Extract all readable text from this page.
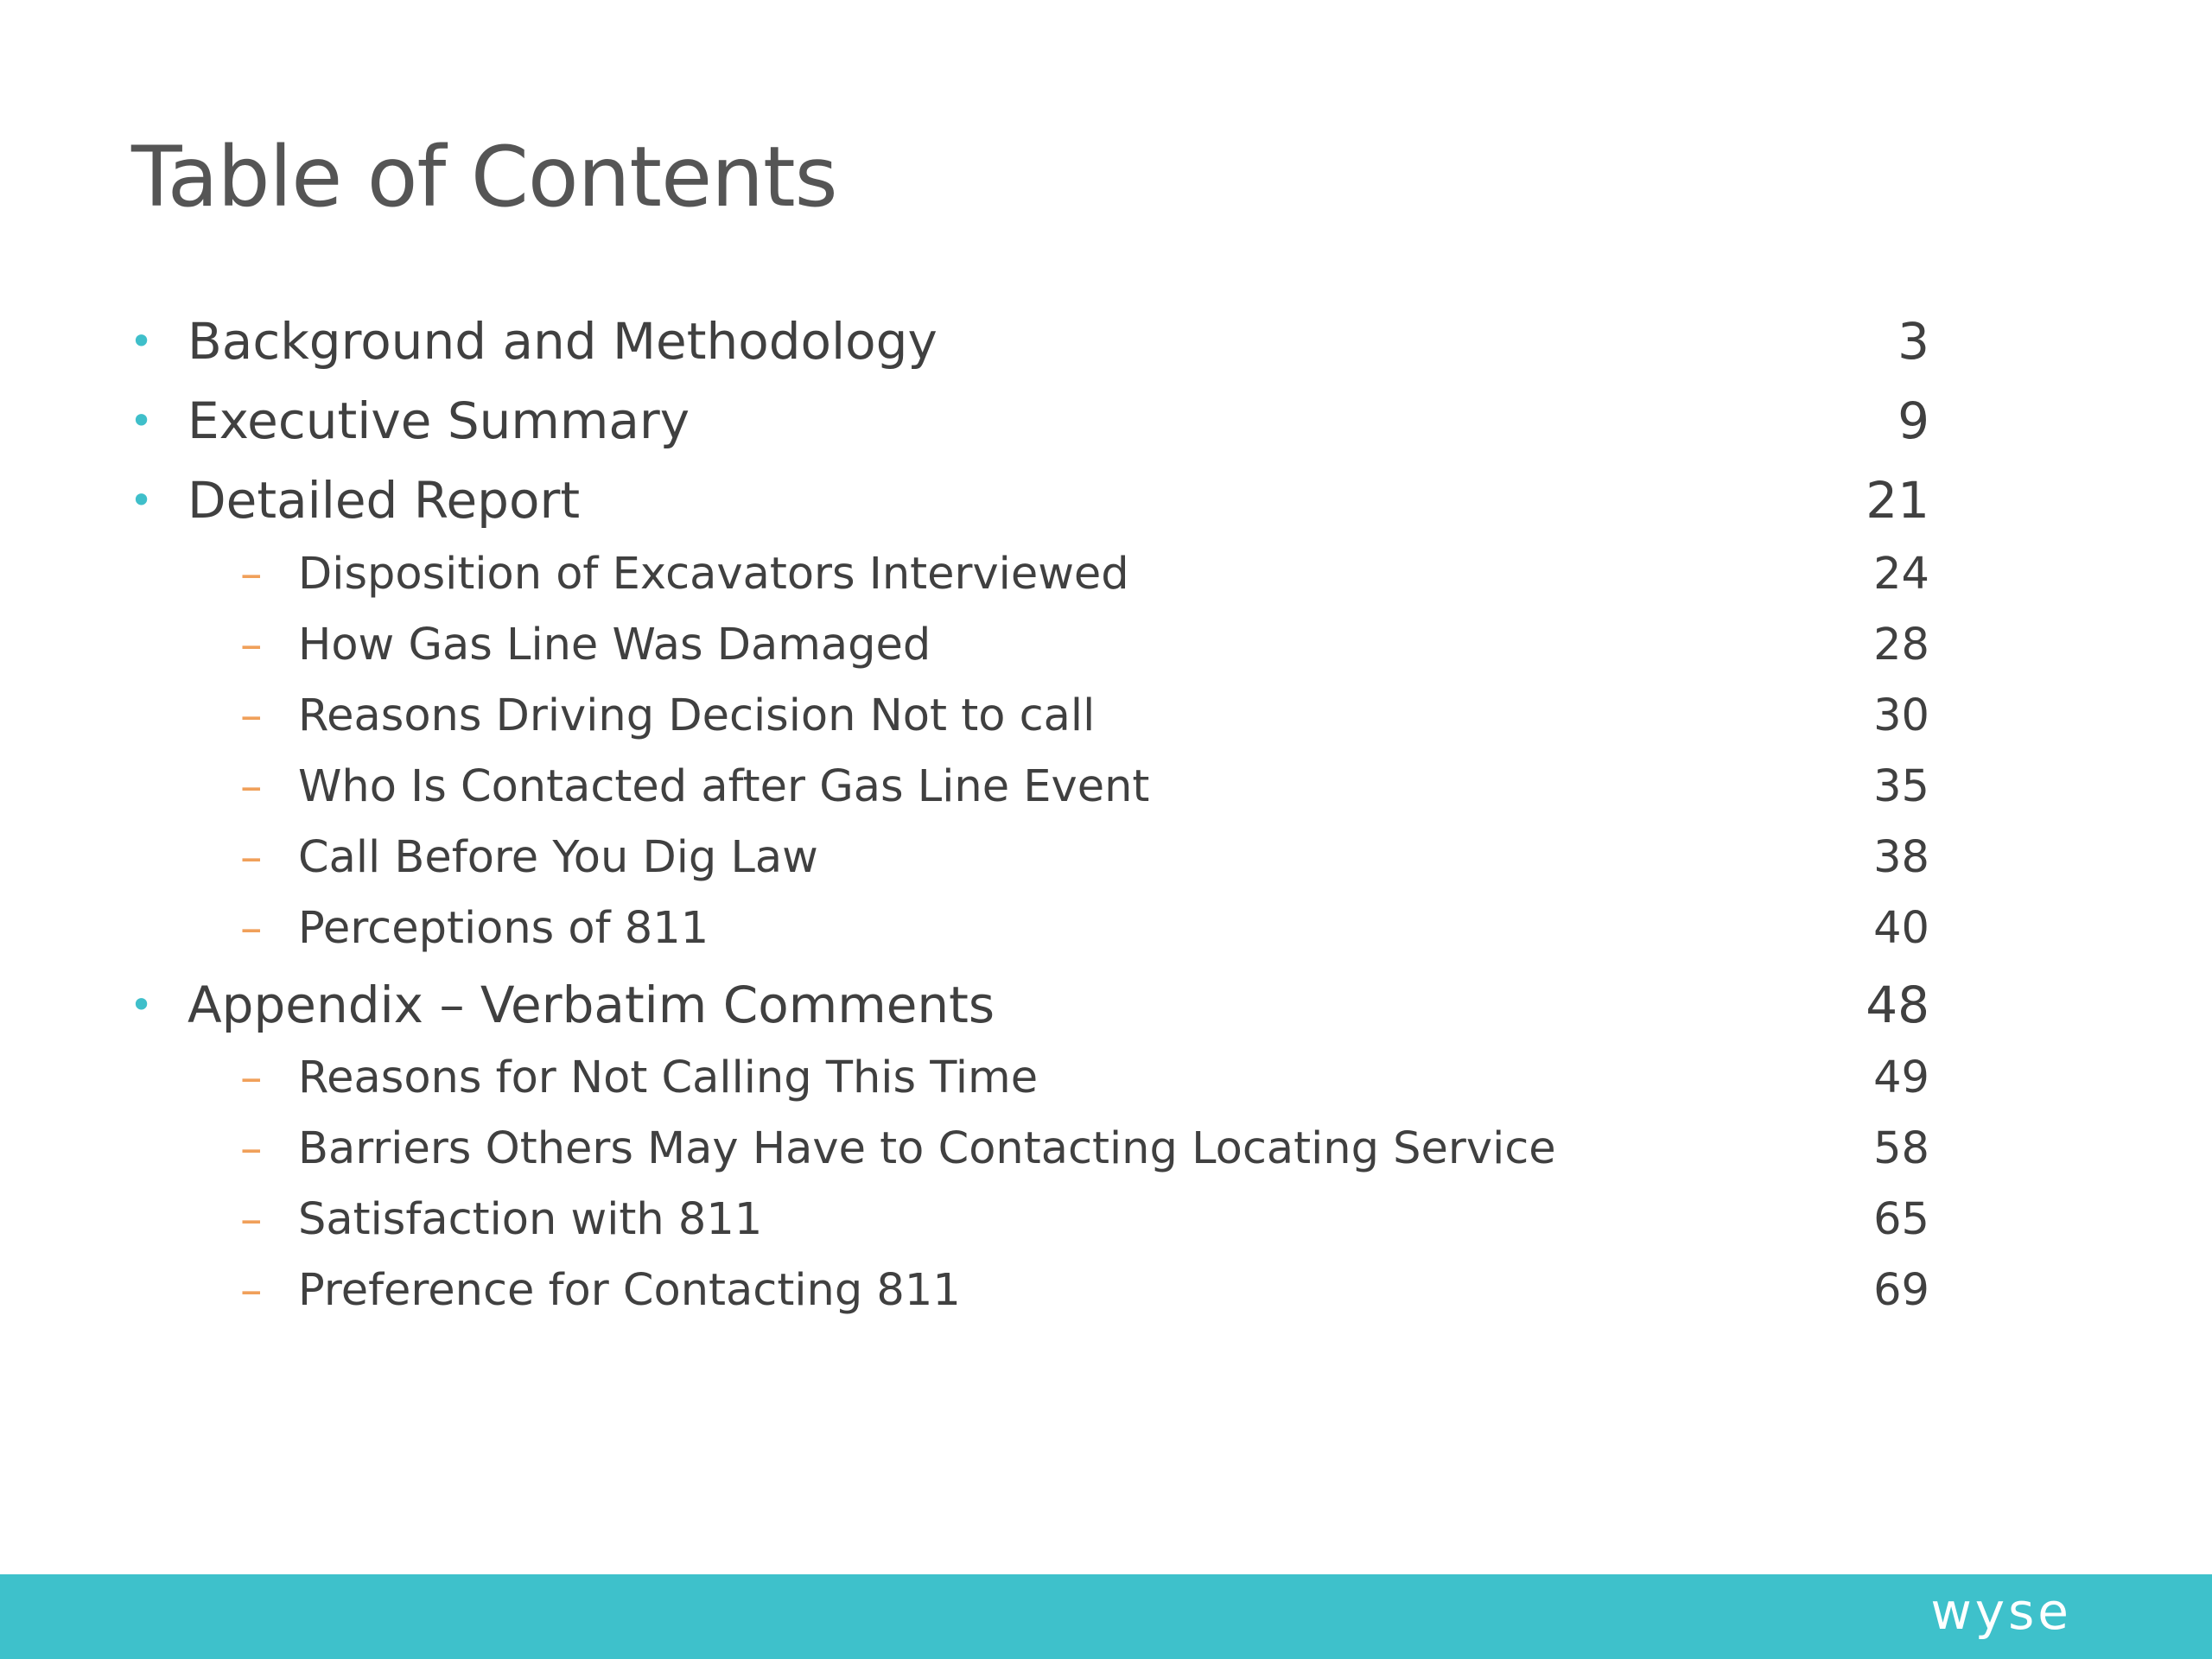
Table of Contents
• Background and Methodology	3
• Executive Summary	9
• Detailed Report	21
– Disposition of Excavators Interviewed	24
– How Gas Line Was Damaged	28
– Reasons Driving Decision Not to call	30
– Who Is Contacted after Gas Line Event	35
– Call Before You Dig Law	38
– Perceptions of 811	40
• Appendix – Verbatim Comments	48
– Reasons for Not Calling This Time	49
– Barriers Others May Have to Contacting Locating Service	58
– Satisfaction with 811	65
– Preference for Contacting 811	69
wyse
